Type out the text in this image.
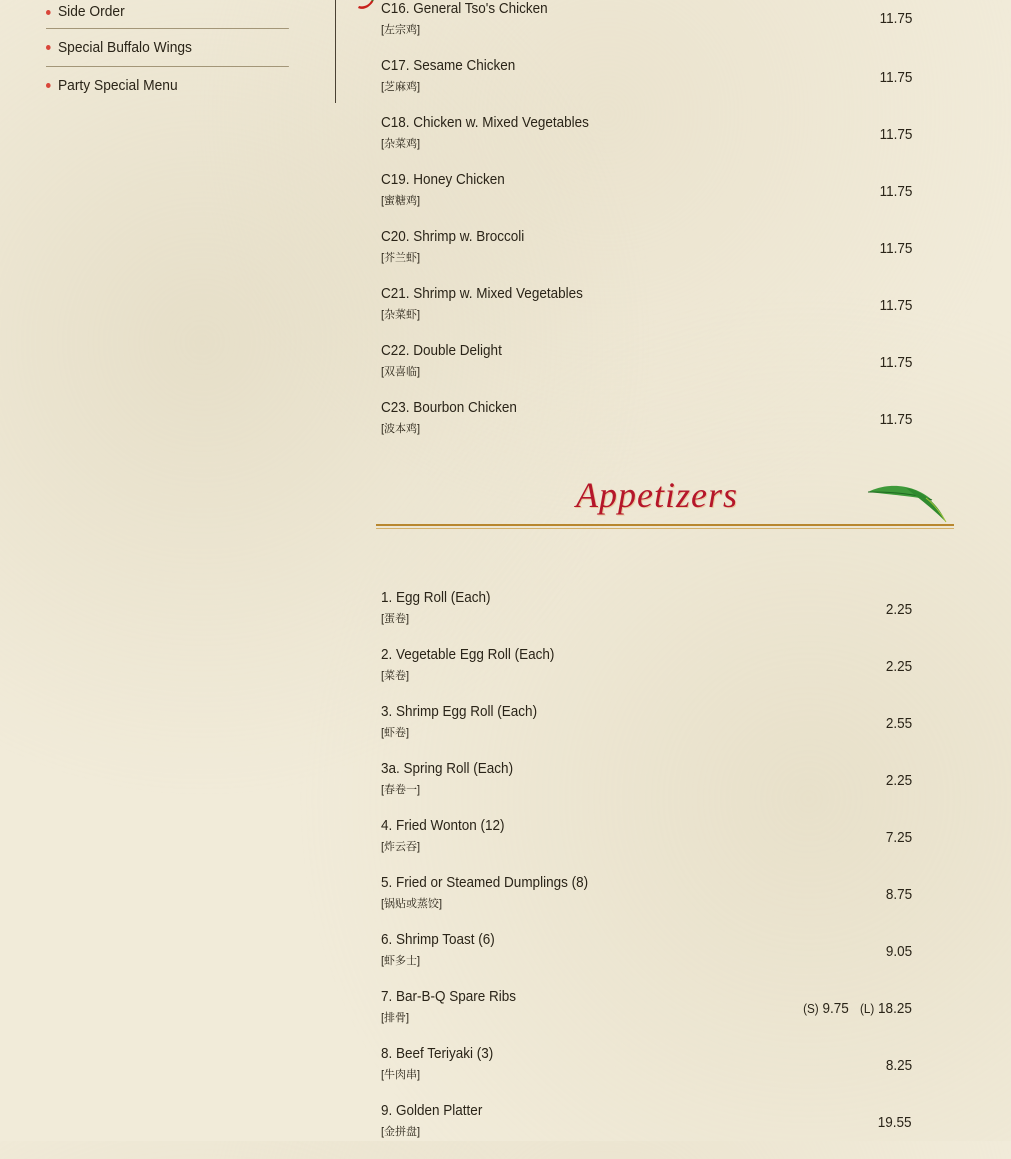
Side Order
Special Buffalo Wings
Party Special Menu
C16. General Tso's Chicken
[左宗鸡]
11.75
C17. Sesame Chicken
[芝麻鸡]
11.75
C18. Chicken w. Mixed Vegetables
[杂菜鸡]
11.75
C19. Honey Chicken
[蜜糖鸡]
11.75
C20. Shrimp w. Broccoli
[芥兰虾]
11.75
C21. Shrimp w. Mixed Vegetables
[杂菜虾]
11.75
C22. Double Delight
[双喜临]
11.75
C23. Bourbon Chicken
[波本鸡]
11.75
Appetizers
1. Egg Roll (Each)
[蛋卷]
2.25
2. Vegetable Egg Roll (Each)
[菜卷]
2.25
3. Shrimp Egg Roll (Each)
[虾卷]
2.55
3a. Spring Roll (Each)
[春卷一]
2.25
4. Fried Wonton (12)
[炸云吞]
7.25
5. Fried or Steamed Dumplings (8)
[锅贴或蒸饺]
8.75
6. Shrimp Toast (6)
[虾多士]
9.05
7. Bar-B-Q Spare Ribs
[排骨]
(S) 9.75 (L) 18.25
8. Beef Teriyaki (3)
[牛肉串]
8.25
9. Golden Platter
[金拼盘]
19.55
